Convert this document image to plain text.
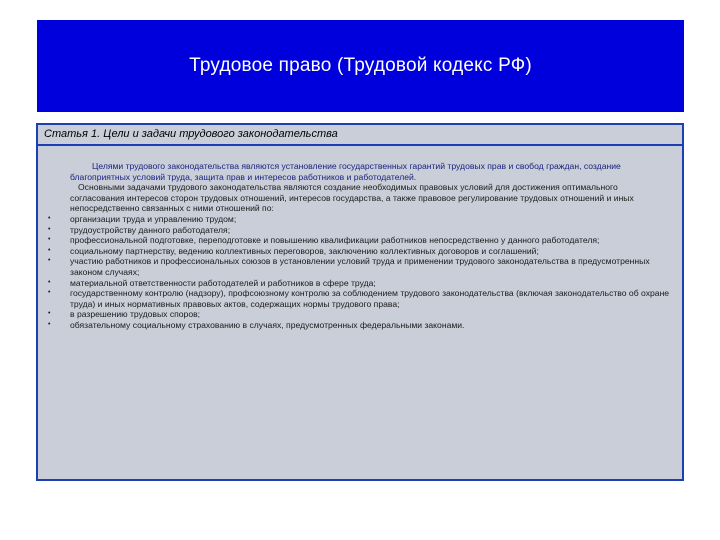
Трудовое право (Трудовой кодекс РФ)
Статья 1. Цели и задачи трудового законодательства
Целями трудового законодательства являются установление государственных гарантий трудовых прав и свобод граждан, создание благоприятных условий труда, защита прав и интересов работников и работодателей.
Основными задачами трудового законодательства являются создание необходимых правовых условий для достижения оптимального согласования интересов сторон трудовых отношений, интересов государства, а также правовое регулирование трудовых отношений и иных непосредственно связанных с ними отношений по:
• организации труда и управлению трудом;
• трудоустройству данного работодателя;
• профессиональной подготовке, переподготовке и повышению квалификации работников непосредственно у данного работодателя;
• социальному партнерству, ведению коллективных переговоров, заключению коллективных договоров и соглашений;
• участию работников и профессиональных союзов в установлении условий труда и применении трудового законодательства в предусмотренных законом случаях;
• материальной ответственности работодателей и работников в сфере труда;
• государственному контролю (надзору), профсоюзному контролю за соблюдением трудового законодательства (включая законодательство об охране труда) и иных нормативных правовых актов, содержащих нормы трудового права;
• в разрешению трудовых споров;
• обязательному социальному страхованию в случаях, предусмотренных федеральными законами.
